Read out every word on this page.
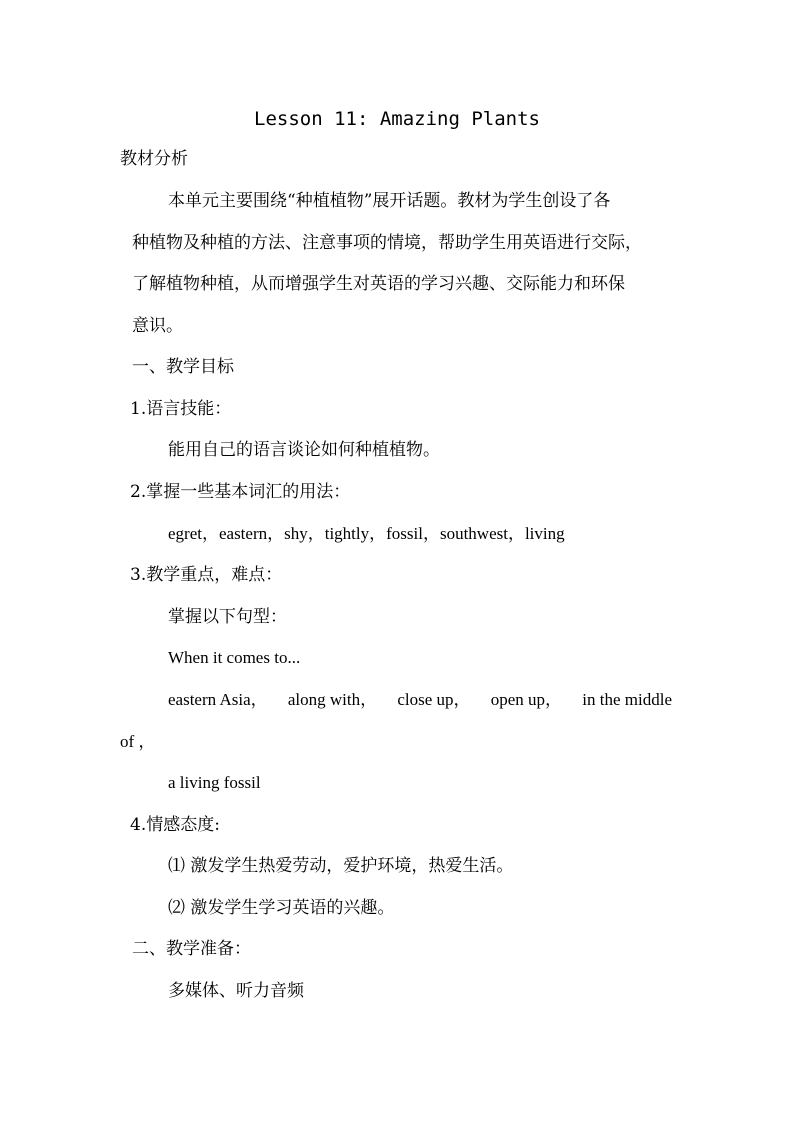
Lesson 11: Amazing Plants
教材分析
本单元主要围绕“种植植物”展开话题。教材为学生创设了各
种植物及种植的方法、注意事项的情境，帮助学生用英语进行交际，
了解植物种植，从而增强学生对英语的学习兴趣、交际能力和环保
意识。
一、教学目标
1.语言技能：
能用自己的语言谈论如何种植植物。
2.掌握一些基本词汇的用法：
egret，eastern，shy，tightly，fossil，southwest，living
3.教学重点，难点：
掌握以下句型：
When it comes to...
eastern Asia， along with， close up， open up， in the middle
of ，
a living fossil
4.情感态度:
⑴ 激发学生热爱劳动，爱护环境，热爱生活。
⑵ 激发学生学习英语的兴趣。
二、教学准备：
多媒体、听力音频
